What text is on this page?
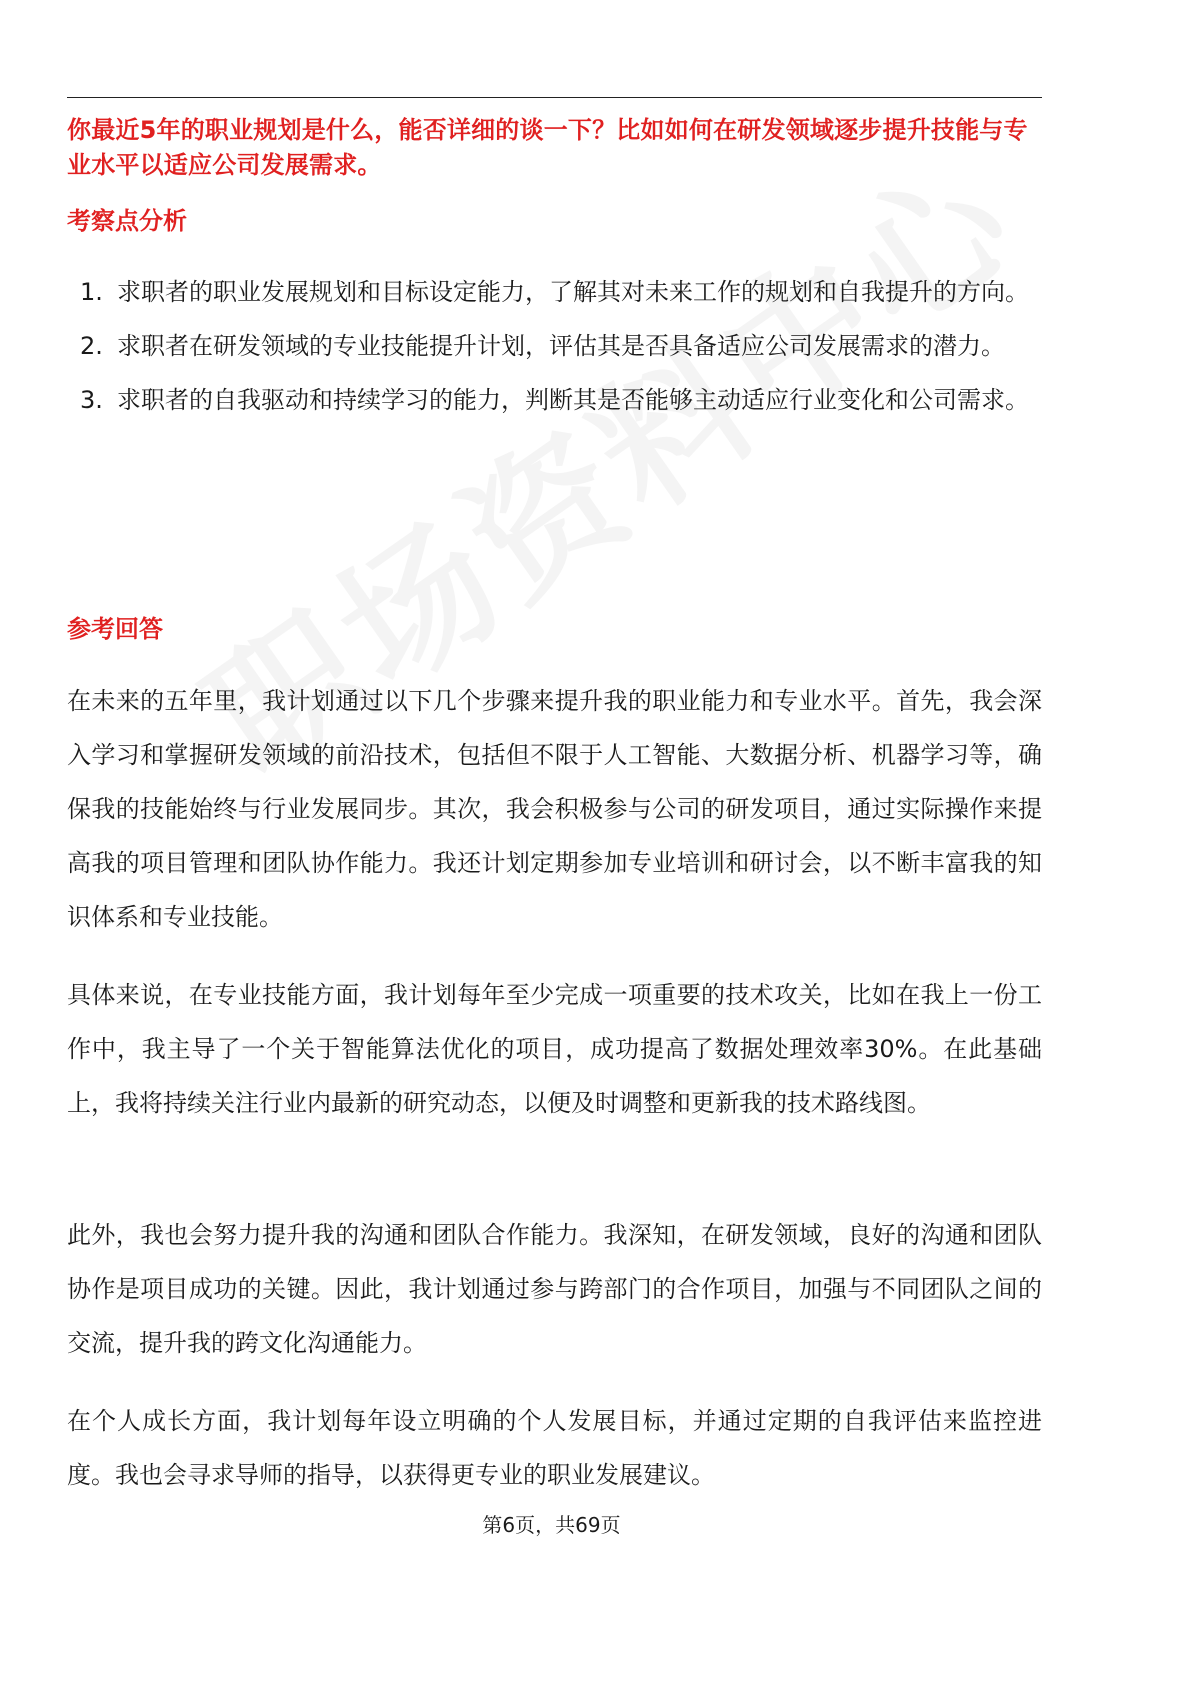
你最近5年的职业规划是什么，能否详细的谈一下？比如如何在研发领域逐步提升技能与专业水平以适应公司发展需求。
考察点分析
1. 求职者的职业发展规划和目标设定能力，了解其对未来工作的规划和自我提升的方向。
2. 求职者在研发领域的专业技能提升计划，评估其是否具备适应公司发展需求的潜力。
3. 求职者的自我驱动和持续学习的能力，判断其是否能够主动适应行业变化和公司需求。
参考回答

在未来的五年里，我计划通过以下几个步骤来提升我的职业能力和专业水平。首先，我会深入学习和掌握研发领域的前沿技术，包括但不限于人工智能、大数据分析、机器学习等，确保我的技能始终与行业发展同步。其次，我会积极参与公司的研发项目，通过实际操作来提高我的项目管理和团队协作能力。我还计划定期参加专业培训和研讨会，以不断丰富我的知识体系和专业技能。

具体来说，在专业技能方面，我计划每年至少完成一项重要的技术攻关，比如在我上一份工作中，我主导了一个关于智能算法优化的项目，成功提高了数据处理效率30%。在此基础上，我将持续关注行业内最新的研究动态，以便及时调整和更新我的技术路线图。

此外，我也会努力提升我的沟通和团队合作能力。我深知，在研发领域，良好的沟通和团队协作是项目成功的关键。因此，我计划通过参与跨部门的合作项目，加强与不同团队之间的交流，提升我的跨文化沟通能力。

在个人成长方面，我计划每年设立明确的个人发展目标，并通过定期的自我评估来监控进度。我也会寻求导师的指导，以获得更专业的职业发展建议。

第6页，共69页
